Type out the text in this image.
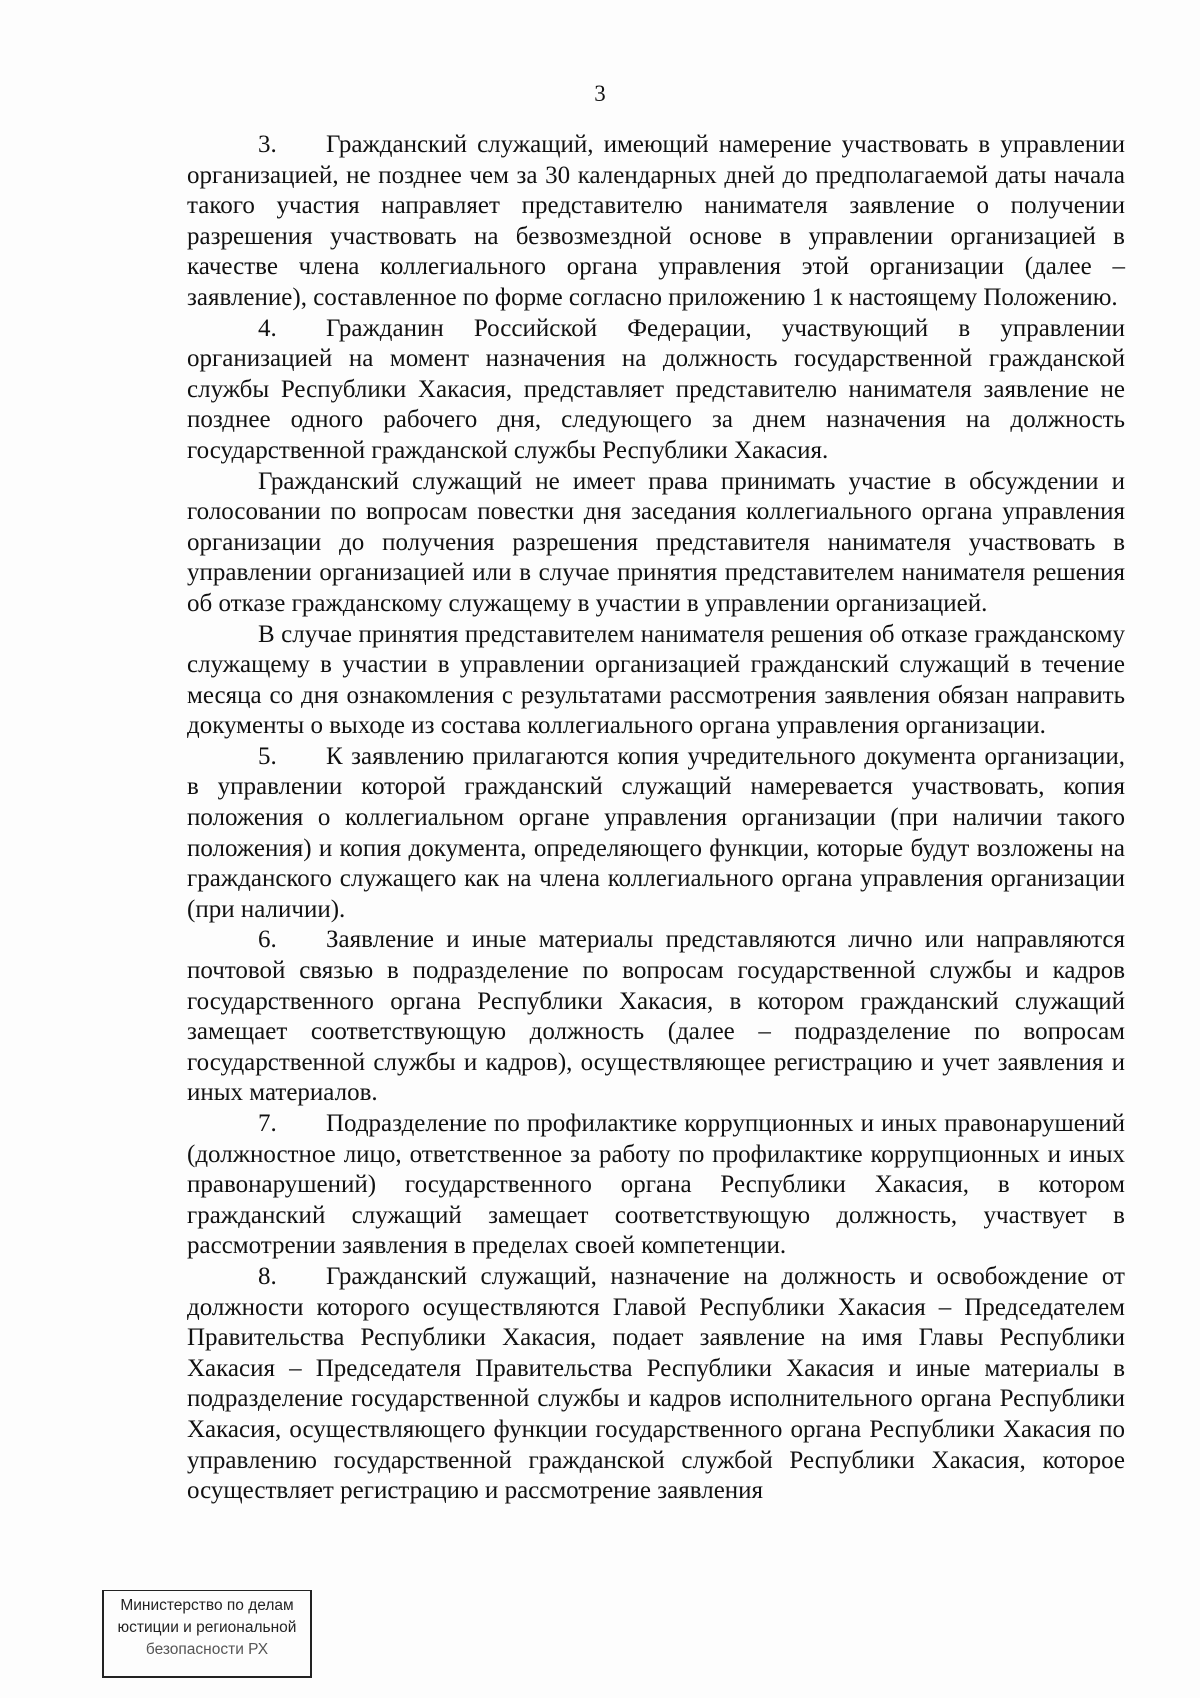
3

3. Гражданский служащий, имеющий намерение участвовать в управлении организацией, не позднее чем за 30 календарных дней до предполагаемой даты начала такого участия направляет представителю нанимателя заявление о получении разрешения участвовать на безвозмездной основе в управлении организацией в качестве члена коллегиального органа управления этой организации (далее – заявление), составленное по форме согласно приложению 1 к настоящему Положению.

4. Гражданин Российской Федерации, участвующий в управлении организацией на момент назначения на должность государственной гражданской службы Республики Хакасия, представляет представителю нанимателя заявление не позднее одного рабочего дня, следующего за днем назначения на должность государственной гражданской службы Республики Хакасия.

Гражданский служащий не имеет права принимать участие в обсуждении и голосовании по вопросам повестки дня заседания коллегиального органа управления организации до получения разрешения представителя нанимателя участвовать в управлении организацией или в случае принятия представителем нанимателя решения об отказе гражданскому служащему в участии в управлении организацией.

В случае принятия представителем нанимателя решения об отказе гражданскому служащему в участии в управлении организацией гражданский служащий в течение месяца со дня ознакомления с результатами рассмотрения заявления обязан направить документы о выходе из состава коллегиального органа управления организации.

5. К заявлению прилагаются копия учредительного документа организации, в управлении которой гражданский служащий намеревается участвовать, копия положения о коллегиальном органе управления организации (при наличии такого положения) и копия документа, определяющего функции, которые будут возложены на гражданского служащего как на члена коллегиального органа управления организации (при наличии).

6. Заявление и иные материалы представляются лично или направляются почтовой связью в подразделение по вопросам государственной службы и кадров государственного органа Республики Хакасия, в котором гражданский служащий замещает соответствующую должность (далее – подразделение по вопросам государственной службы и кадров), осуществляющее регистрацию и учет заявления и иных материалов.

7. Подразделение по профилактике коррупционных и иных правонарушений (должностное лицо, ответственное за работу по профилактике коррупционных и иных правонарушений) государственного органа Республики Хакасия, в котором гражданский служащий замещает соответствующую должность, участвует в рассмотрении заявления в пределах своей компетенции.

8. Гражданский служащий, назначение на должность и освобождение от должности которого осуществляются Главой Республики Хакасия – Председателем Правительства Республики Хакасия, подает заявление на имя Главы Республики Хакасия – Председателя Правительства Республики Хакасия и иные материалы в подразделение государственной службы и кадров исполнительного органа Республики Хакасия, осуществляющего функции государственного органа Республики Хакасия по управлению государственной гражданской службой Республики Хакасия, которое осуществляет регистрацию и рассмотрение заявления

Министерство по делам
юстиции и региональной
безопасности РХ
